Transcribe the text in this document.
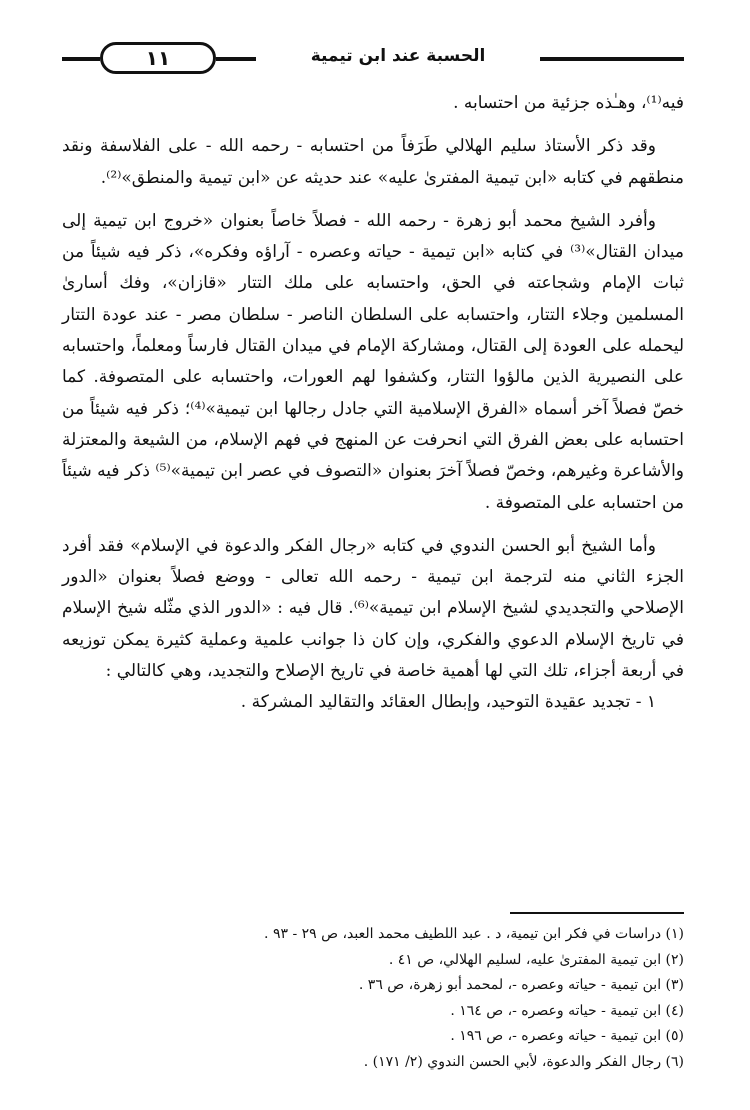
١١	الحسبة عند ابن تيمية

فيه⁽¹⁾، وهـٰذه جزئية من احتسابه .

وقد ذكر الأستاذ سليم الهلالي طَرَفاً من احتسابه - رحمه الله - على الفلاسفة ونقد منطقهم في كتابه «ابن تيمية المفترىٰ عليه» عند حديثه عن «ابن تيمية والمنطق»⁽²⁾.

وأفرد الشيخ محمد أبو زهرة - رحمه الله - فصلاً خاصاً بعنوان «خروج ابن تيمية إلى ميدان القتال»⁽³⁾ في كتابه «ابن تيمية - حياته وعصره - آراؤه وفكره»، ذكر فيه شيئاً من ثبات الإمام وشجاعته في الحق، واحتسابه على ملك التتار «قازان»، وفك أسارىٰ المسلمين وجلاء التتار، واحتسابه على السلطان الناصر - سلطان مصر - عند عودة التتار ليحمله على العودة إلى القتال، ومشاركة الإمام في ميدان القتال فارساً ومعلماً، واحتسابه على النصيرية الذين مالؤوا التتار، وكشفوا لهم العورات، واحتسابه على المتصوفة. كما خصّ فصلاً آخر أسماه «الفرق الإسلامية التي جادل رجالها ابن تيمية»⁽⁴⁾؛ ذكر فيه شيئاً من احتسابه على بعض الفرق التي انحرفت عن المنهج في فهم الإسلام، من الشيعة والمعتزلة والأشاعرة وغيرهم، وخصّ فصلاً آخرَ بعنوان «التصوف في عصر ابن تيمية»⁽⁵⁾ ذكر فيه شيئاً من احتسابه على المتصوفة .

وأما الشيخ أبو الحسن الندوي في كتابه «رجال الفكر والدعوة في الإسلام» فقد أفرد الجزء الثاني منه لترجمة ابن تيمية - رحمه الله تعالى - ووضع فصلاً بعنوان «الدور الإصلاحي والتجديدي لشيخ الإسلام ابن تيمية»⁽⁶⁾. قال فيه : «الدور الذي مثّله شيخ الإسلام في تاريخ الإسلام الدعوي والفكري، وإن كان ذا جوانب علمية وعملية كثيرة يمكن توزيعه في أربعة أجزاء، تلك التي لها أهمية خاصة في تاريخ الإصلاح والتجديد، وهي كالتالي :

١ - تجديد عقيدة التوحيد، وإبطال العقائد والتقاليد المشركة .

(١) دراسات في فكر ابن تيمية، د . عبد اللطيف محمد العبد، ص ٢٩ - ٩٣ .
(٢) ابن تيمية المفترىٰ عليه، لسليم الهلالي، ص ٤١ .
(٣) ابن تيمية - حياته وعصره -، لمحمد أبو زهرة، ص ٣٦ .
(٤) ابن تيمية - حياته وعصره -، ص ١٦٤ .
(٥) ابن تيمية - حياته وعصره -، ص ١٩٦ .
(٦) رجال الفكر والدعوة، لأبي الحسن الندوي (٢/ ١٧١) .
